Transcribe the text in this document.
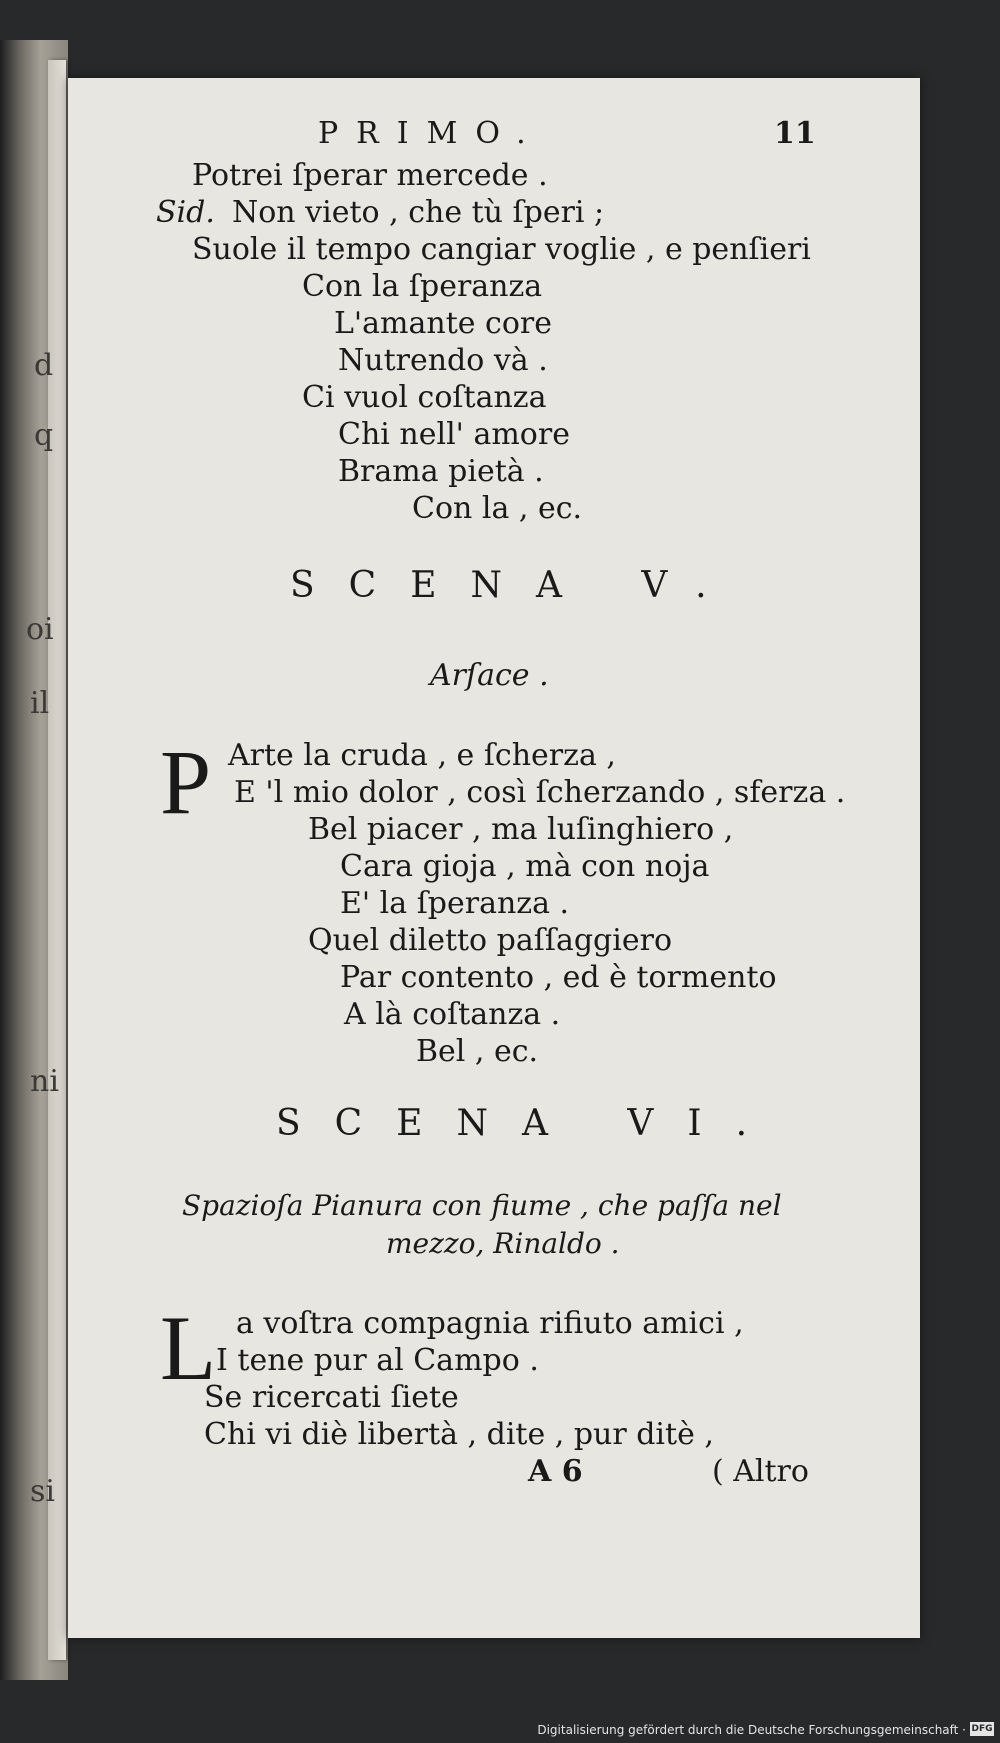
d
q
oi
il
ni
si
PRIMO.	11
Potrei ſperar mercede .
Sid. Non vieto , che tù ſperi ;
Suole il tempo cangiar voglie , e penſieri
Con la ſperanza
L'amante core
Nutrendo và .
Ci vuol coſtanza
Chi nell' amore
Brama pietà .
Con la , ec.
SCENA V.
Arſace .
P Arte la cruda , e ſcherza ,
E 'l mio dolor , così ſcherzando , sferza .
Bel piacer , ma luſinghiero ,
Cara gioja , mà con noja
E' la ſperanza .
Quel diletto paſſaggiero
Par contento , ed è tormento
A là coſtanza .
Bel , ec.
SCENA VI.
Spazioſa Pianura con fiume , che paſſa nel
mezzo, Rinaldo .
L a voſtra compagnia rifiuto amici ,
I tene pur al Campo .
Se ricercati ſiete
Chi vi diè libertà , dite , pur ditè ,
A 6	( Altro
Digitalisierung gefördert durch die Deutsche Forschungsgemeinschaft · DFG
